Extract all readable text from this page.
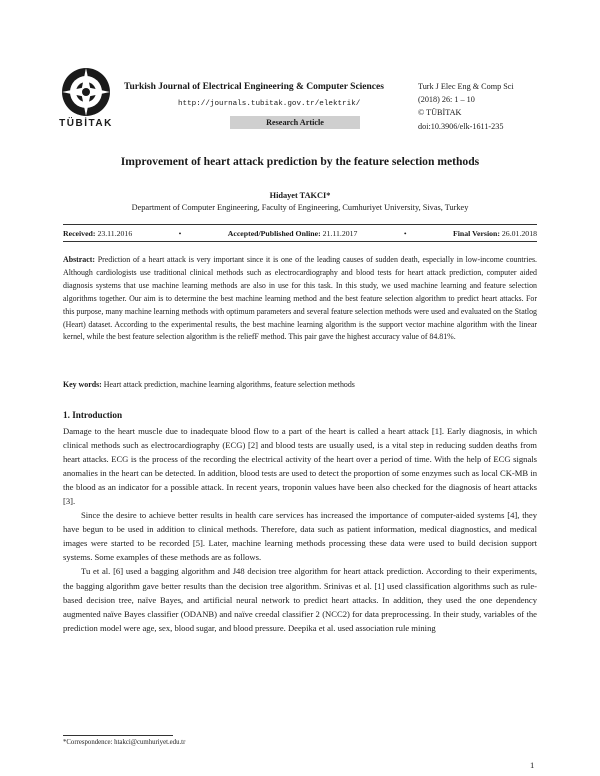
TÜBİTAK
Turkish Journal of Electrical Engineering & Computer Sciences
http://journals.tubitak.gov.tr/elektrik/
Research Article
Turk J Elec Eng & Comp Sci
(2018) 26: 1 – 10
© TÜBİTAK
doi:10.3906/elk-1611-235
Improvement of heart attack prediction by the feature selection methods
Hidayet TAKCI*
Department of Computer Engineering, Faculty of Engineering, Cumhuriyet University, Sivas, Turkey
Received: 23.11.2016	•	Accepted/Published Online: 21.11.2017	•	Final Version: 26.01.2018
Abstract: Prediction of a heart attack is very important since it is one of the leading causes of sudden death, especially in low-income countries. Although cardiologists use traditional clinical methods such as electrocardiography and blood tests for heart attack prediction, computer aided diagnosis systems that use machine learning methods are also in use for this task. In this study, we used machine learning and feature selection algorithms together. Our aim is to determine the best machine learning method and the best feature selection algorithm to predict heart attacks. For this purpose, many machine learning methods with optimum parameters and several feature selection methods were used and evaluated on the Statlog (Heart) dataset. According to the experimental results, the best machine learning algorithm is the support vector machine algorithm with the linear kernel, while the best feature selection algorithm is the reliefF method. This pair gave the highest accuracy value of 84.81%.
Key words: Heart attack prediction, machine learning algorithms, feature selection methods
1. Introduction

Damage to the heart muscle due to inadequate blood flow to a part of the heart is called a heart attack [1]. Early diagnosis, in which clinical methods such as electrocardiography (ECG) [2] and blood tests are usually used, is a vital step in reducing sudden deaths from heart attacks. ECG is the process of the recording the electrical activity of the heart over a period of time. With the help of ECG signals anomalies in the heart can be detected. In addition, blood tests are used to detect the proportion of some enzymes such as local CK-MB in the blood as an indicator for a possible attack. In recent years, troponin values have been also checked for the diagnosis of heart attacks [3].

Since the desire to achieve better results in health care services has increased the importance of computer-aided systems [4], they have begun to be used in addition to clinical methods. Therefore, data such as patient information, medical diagnostics, and medical images were started to be recorded [5]. Later, machine learning methods processing these data were used to build decision support systems. Some examples of these methods are as follows.

Tu et al. [6] used a bagging algorithm and J48 decision tree algorithm for heart attack prediction. According to their experiments, the bagging algorithm gave better results than the decision tree algorithm. Srinivas et al. [1] used classification algorithms such as rule-based decision tree, naïve Bayes, and artificial neural network to predict heart attacks. In addition, they used the one dependency augmented naïve Bayes classifier (ODANB) and naïve creedal classifier 2 (NCC2) for data preprocessing. In their study, variables of the prediction model were age, sex, blood sugar, and blood pressure. Deepika et al. used association rule mining

*Correspondence: htakci@cumhuriyet.edu.tr
1
